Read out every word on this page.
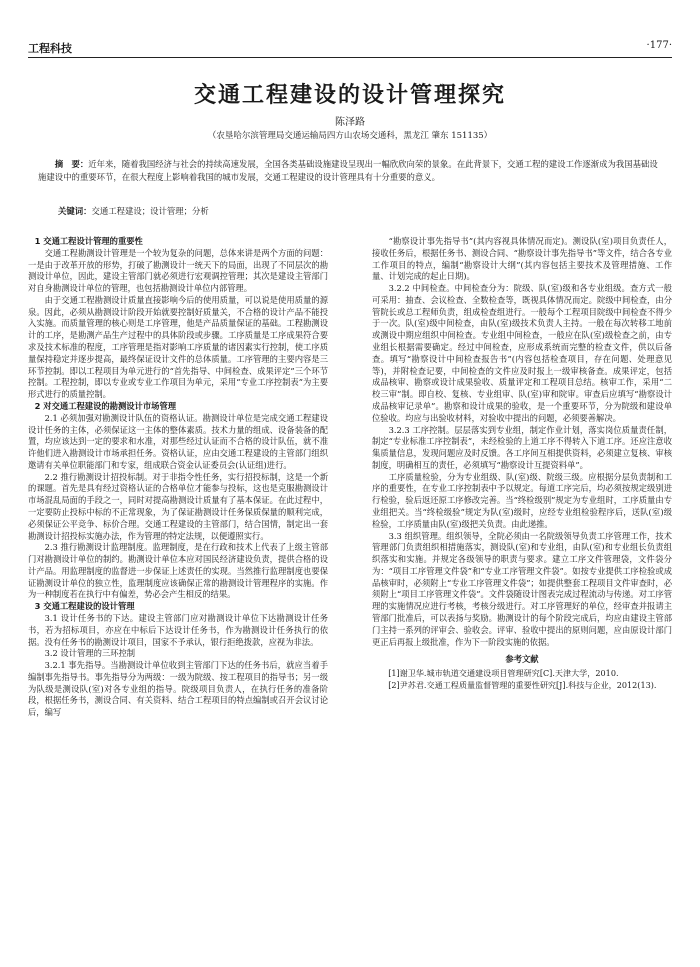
工程科技	·177·
交通工程建设的设计管理探究
陈泽路
（农垦哈尔滨管理局交通运输局四方山农场交通科，黑龙江 肇东 151135）
摘　要：近年来，随着我国经济与社会的持续高速发展，全国各类基础设施建设呈现出一幅欣欣向荣的景象。在此背景下，交通工程的建设工作逐渐成为我国基础设施建设中的重要环节，在很大程度上影响着我国的城市发展，交通工程建设的设计管理具有十分重要的意义。
关键词：交通工程建设；设计管理；分析

1 交通工程设计管理的重要性

交通工程勘测设计管理是一个较为复杂的问题，总体来讲是两个方面的问题：一是由于改革开放的形势，打破了勘测设计一统天下的局面，出现了不同层次的勘测设计单位，因此，建设主管部门就必须进行宏观调控管理；其次是建设主管部门对自身勘测设计单位的管理，也包括勘测设计单位内部管理。

由于交通工程勘测设计质量直接影响今后的使用质量，可以说是使用质量的源泉。因此，必须从勘测设计阶段开始就要控制好质量关，不合格的设计产品不能投入实施。而质量管理的核心则是工序管理，他是产品质量保证的基础。工程勘测设计的工序，是勘测产品生产过程中的具体阶段或步骤。工序质量是工序成果符合要求及技术标准的程度，工序管理是指对影响工序质量的诸因素实行控制，使工序质量保持稳定并逐步提高，最终保证设计文件的总体质量。工序管理的主要内容是三环节控制。即以工程项目为单元进行的“首先指导、中间检查、成果评定”三个环节控制。工程控制，即以专业或专业工作项目为单元，采用“专业工序控制表”为主要形式进行的质量控制。

2 对交通工程建设的勘测设计市场管理

2.1 必须加强对勘测设计队伍的资格认证。勘测设计单位是完成交通工程建设设计任务的主体，必须保证这一主体的整体素质。技术力量的组成、设备装备的配置，均应该达到一定的要求和水准，对那些经过认证而不合格的设计队伍，就不准许他们进入勘测设计市场承担任务。资格认证，应由交通工程建设的主管部门组织邀请有关单位职能部门和专家，组成联合资金认证委员会(认证组)进行。

2.2 推行勘测设计招投标制。对于非指令性任务，实行招投标制，这是一个新的课题。首先是具有经过资格认证的合格单位才能参与投标，这也是克服勘测设计市场混乱局面的手段之一，同时对提高勘测设计质量有了基本保证。在此过程中，一定要防止投标中标的不正常现象，为了保证勘测设计任务保质保量的顺利完成，必须保证公平竞争、标价合理。交通工程建设的主管部门，结合国情，制定出一套勘测设计招投标实施办法，作为管理的特定法规，以便遵照实行。

2.3 推行勘测设计监理制度。监理制度，是在行政和技术上代表了上级主管部门对勘测设计单位的制约。勘测设计单位本应对国民经济建设负责，提供合格的设计产品。用监理制度的监督进一步保证上述责任的实现。当然推行监理制度也要保证勘测设计单位的独立性，监理制度应该确保正常的勘测设计管理程序的实施。作为一种制度若在执行中有偏差，势必会产生相反的结果。

3 交通工程建设的设计管理

3.1 设计任务书的下达。建设主管部门应对勘测设计单位下达勘测设计任务书，若为招标项目，亦应在中标后下达设计任务书，作为勘测设计任务执行的依据。没有任务书的勘测设计项目，国家不予承认，银行拒绝拨款，应视为非法。

3.2 设计管理的三环控制

3.2.1 事先指导。当勘测设计单位收到主管部门下达的任务书后，就应当着手编制事先指导书。事先指导分为两级：一级为院级、按工程项目的指导书；另一级为队级是测设队(室)对各专业组的指导。院级项目负责人，在执行任务的准备阶段，根据任务书，测设合同、有关资料、结合工程项目的特点编制或召开会议讨论后，编写

“勘察设计事先指导书”(其内容视具体情况而定)。测设队(室)项目负责任人，接收任务后，根据任务书、测设合同、“勘察设计事先指导书”等文件，结合各专业工作项目的特点，编制“勘察设计大纲”(其内容包括主要技术及管理措施、工作量、计划完成的起止日期)。

3.2.2 中间检查。中间检查分为：院级、队(室)级和各专业组级。查方式一般可采用：抽查、会议检查、全数检查等，既视具体情况而定。院级中间检查，由分管院长或总工程师负责，组成检查组进行。一般每个工程项目院级中间检查不得少于一次。队(室)级中间检查，由队(室)级技术负责人主持。一般在每次转移工地前或测设中期应组织中间检查。专业组中间检查，一般应在队(室)级检查之前，由专业组长根据需要确定。经过中间检查，应形成系统而完整的检查文件，供以后备查。填写“勘察设计中间检查报告书”(内容包括检查项目，存在问题、处理意见等)，并附检查记要，中间检查的文件应及时报上一级审核备查。成果评定，包括成品核审、勘察或设计成果验收、质量评定和工程项目总结。核审工作，采用“二校三审”制。即自校、复核、专业组审、队(室)审和院审。审查后应填写“勘察设计成品核审记录单”。勘察和设计成果的验收，是一个重要环节，分为院级和建设单位验收。均应与出验收材料，对验收中提出的问题，必须要善解决。

3.2.3 工序控制。层层落实到专业组，制定作业计划，落实岗位质量责任制，制定“专业标准工序控制表”，未经检验的上道工序不得转入下道工序。还应注意收集质量信息，发现问题应及时反馈。各工序间互相提供资料，必须建立复核、审核制度，明确相互的责任，必须填写“勘察设计互提资料单”。

工序质量检验，分为专业组级、队(室)级、院级三级。应根据分层负责制和工序的重要性，在专业工序控制表中予以规定。每道工序完后，均必须按规定级别进行检验，验后返还原工序修改完善。当“终检级别”规定为专业组时，工序质量由专业组把关。当“终检级验”规定为队(室)级时，应经专业组检验程序后，送队(室)级检验，工序质量由队(室)级把关负责。由此递推。

3.3 组织管理。组织领导，全院必须由一名院级领导负责工序管理工作，技术管理部门负责组织相措施落实，测设队(室)和专业组，由队(室)和专业组长负责组织落实和实施。并规定各级领导的职责与要求。建立工序文件管理袋，文件袋分为：“项目工序管理文件袋”和“专业工序管理文件袋”。如按专业提供工序检验或成品核审时，必须附上“专业工序管理文件袋”；如提供整套工程项目文件审查时，必须附上“项目工序管理文件袋”。文件袋随设计图表完成过程流动与传递。对工序管理的实施情况应进行考核，考核分级进行。对工序管理好的单位，经审查并报请主管部门批准后，可以表扬与奖励。勘测设计的每个阶段完成后，均应由建设主管部门主持一系列的评审会、验收会。评审、验收中提出的原则问题，应由原设计部门更正后再报上级批准，作为下一阶段实施的依据。

参考文献

[1]谢卫华.城市轨道交通建设项目管理研究[C].天津大学，2010.

[2]尹苏君.交通工程质量监督管理的重要性研究[J].科技与企业，2012(13).
